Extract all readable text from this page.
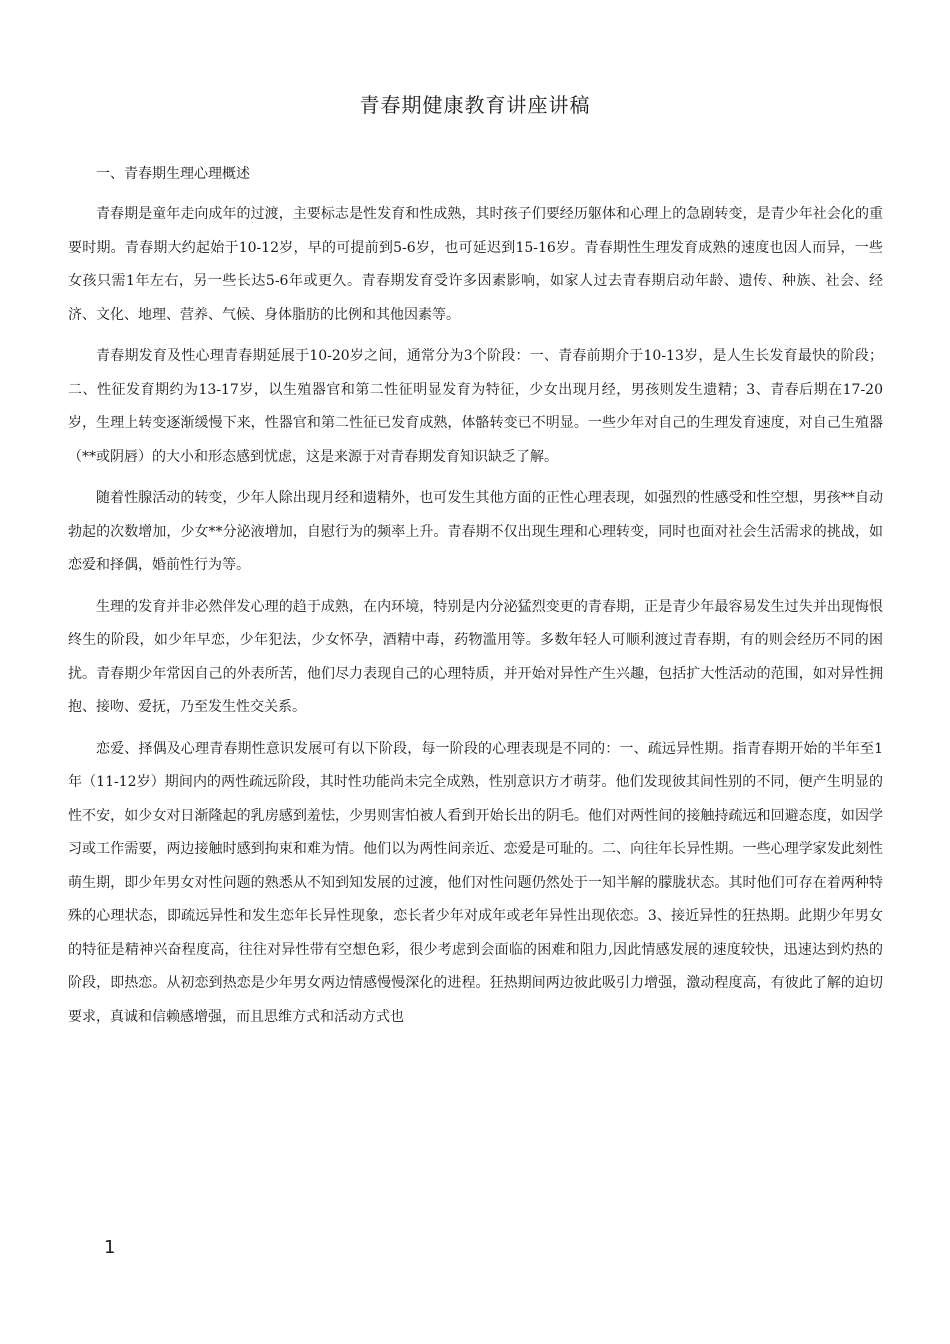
青春期健康教育讲座讲稿

一、青春期生理心理概述

青春期是童年走向成年的过渡，主要标志是性发育和性成熟，其时孩子们要经历躯体和心理上的急剧转变，是青少年社会化的重要时期。青春期大约起始于10-12岁，早的可提前到5-6岁，也可延迟到15-16岁。青春期性生理发育成熟的速度也因人而异，一些女孩只需1年左右，另一些长达5-6年或更久。青春期发育受许多因素影响，如家人过去青春期启动年龄、遗传、种族、社会、经济、文化、地理、营养、气候、身体脂肪的比例和其他因素等。

青春期发育及性心理青春期延展于10-20岁之间，通常分为3个阶段：一、青春前期介于10-13岁，是人生长发育最快的阶段；二、性征发育期约为13-17岁，以生殖器官和第二性征明显发育为特征，少女出现月经，男孩则发生遗精；3、青春后期在17-20岁，生理上转变逐渐缓慢下来，性器官和第二性征已发育成熟，体骼转变已不明显。一些少年对自己的生理发育速度，对自己生殖器（**或阴唇）的大小和形态感到忧虑，这是来源于对青春期发育知识缺乏了解。

随着性腺活动的转变，少年人除出现月经和遗精外，也可发生其他方面的正性心理表现，如强烈的性感受和性空想，男孩**自动勃起的次数增加，少女**分泌液增加，自慰行为的频率上升。青春期不仅出现生理和心理转变，同时也面对社会生活需求的挑战，如恋爱和择偶，婚前性行为等。

生理的发育并非必然伴发心理的趋于成熟，在内环境，特别是内分泌猛烈变更的青春期，正是青少年最容易发生过失并出现悔恨终生的阶段，如少年早恋，少年犯法，少女怀孕，酒精中毒，药物滥用等。多数年轻人可顺利渡过青春期，有的则会经历不同的困扰。青春期少年常因自己的外表所苦，他们尽力表现自己的心理特质，并开始对异性产生兴趣，包括扩大性活动的范围，如对异性拥抱、接吻、爱抚，乃至发生性交关系。

恋爱、择偶及心理青春期性意识发展可有以下阶段，每一阶段的心理表现是不同的：一、疏远异性期。指青春期开始的半年至1年（11-12岁）期间内的两性疏远阶段，其时性功能尚未完全成熟，性别意识方才萌芽。他们发现彼其间性别的不同，便产生明显的性不安，如少女对日渐隆起的乳房感到羞怯，少男则害怕被人看到开始长出的阴毛。他们对两性间的接触持疏远和回避态度，如因学习或工作需要，两边接触时感到拘束和难为情。他们以为两性间亲近、恋爱是可耻的。二、向往年长异性期。一些心理学家发此刻性萌生期，即少年男女对性问题的熟悉从不知到知发展的过渡，他们对性问题仍然处于一知半解的朦胧状态。其时他们可存在着两种特殊的心理状态，即疏远异性和发生恋年长异性现象，恋长者少年对成年或老年异性出现依恋。3、接近异性的狂热期。此期少年男女的特征是精神兴奋程度高，往往对异性带有空想色彩，很少考虑到会面临的困难和阻力,因此情感发展的速度较快，迅速达到灼热的阶段，即热恋。从初恋到热恋是少年男女两边情感慢慢深化的进程。狂热期间两边彼此吸引力增强，激动程度高，有彼此了解的迫切要求，真诚和信赖感增强，而且思维方式和活动方式也

1
